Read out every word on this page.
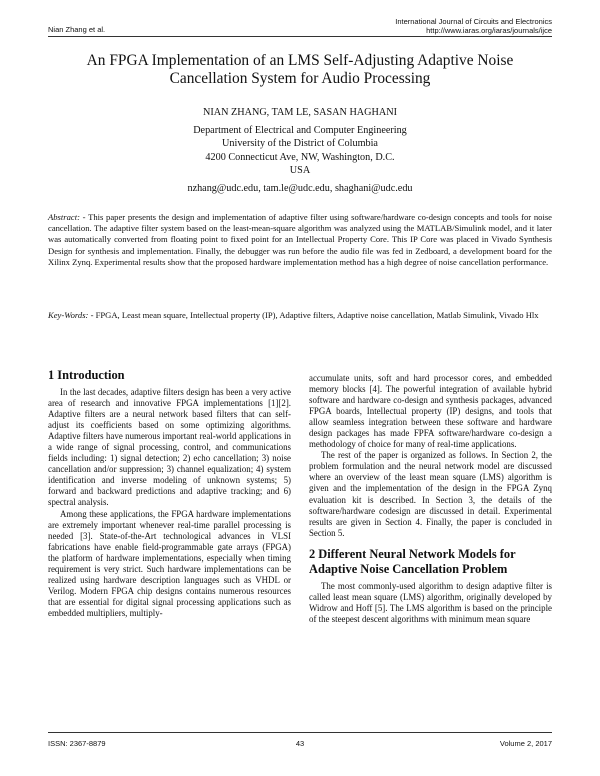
Nian Zhang et al.
International Journal of Circuits and Electronics
http://www.iaras.org/iaras/journals/ijce
An FPGA Implementation of an LMS Self-Adjusting Adaptive Noise
Cancellation System for Audio Processing
NIAN ZHANG, TAM LE, SASAN HAGHANI
Department of Electrical and Computer Engineering
University of the District of Columbia
4200 Connecticut Ave, NW, Washington, D.C.
USA
nzhang@udc.edu, tam.le@udc.edu, shaghani@udc.edu
Abstract: - This paper presents the design and implementation of adaptive filter using software/hardware co-design concepts and tools for noise cancellation. The adaptive filter system based on the least-mean-square algorithm was analyzed using the MATLAB/Simulink model, and it later was automatically converted from floating point to fixed point for an Intellectual Property Core. This IP Core was placed in Vivado Synthesis Design for synthesis and implementation. Finally, the debugger was run before the audio file was fed in Zedboard, a development board for the Xilinx Zynq. Experimental results show that the proposed hardware implementation method has a high degree of noise cancellation performance.
Key-Words: - FPGA, Least mean square, Intellectual property (IP), Adaptive filters, Adaptive noise cancellation, Matlab Simulink, Vivado Hlx
1 Introduction

In the last decades, adaptive filters design has been a very active area of research and innovative FPGA implementations [1][2]. Adaptive filters are a neural network based filters that can self-adjust its coefficients based on some optimizing algorithms. Adaptive filters have numerous important real-world applications in a wide range of signal processing, control, and communications fields including: 1) signal detection; 2) echo cancellation; 3) noise cancellation and/or suppression; 3) channel equalization; 4) system identification and inverse modeling of unknown systems; 5) forward and backward predictions and adaptive tracking; and 6) spectral analysis.

Among these applications, the FPGA hardware implementations are extremely important whenever real-time parallel processing is needed [3]. State-of-the-Art technological advances in VLSI fabrications have enable field-programmable gate arrays (FPGA) the platform of hardware implementations, especially when timing requirement is very strict. Such hardware implementations can be realized using hardware description languages such as VHDL or Verilog. Modern FPGA chip designs contains numerous resources that are essential for digital signal processing applications such as embedded multipliers, multiply-

accumulate units, soft and hard processor cores, and embedded memory blocks [4]. The powerful integration of available hybrid software and hardware co-design and synthesis packages, advanced FPGA boards, Intellectual property (IP) designs, and tools that allow seamless integration between these software and hardware design packages has made FPFA software/hardware co-design a methodology of choice for many of real-time applications.

The rest of the paper is organized as follows. In Section 2, the problem formulation and the neural network model are discussed where an overview of the least mean square (LMS) algorithm is given and the implementation of the design in the FPGA Zynq evaluation kit is described. In Section 3, the details of the software/hardware codesign are discussed in detail. Experimental results are given in Section 4. Finally, the paper is concluded in Section 5.

2 Different Neural Network Models for
Adaptive Noise Cancellation Problem

The most commonly-used algorithm to design adaptive filter is called least mean square (LMS) algorithm, originally developed by Widrow and Hoff [5]. The LMS algorithm is based on the principle of the steepest descent algorithms with minimum mean square

ISSN: 2367-8879	43	Volume 2, 2017
